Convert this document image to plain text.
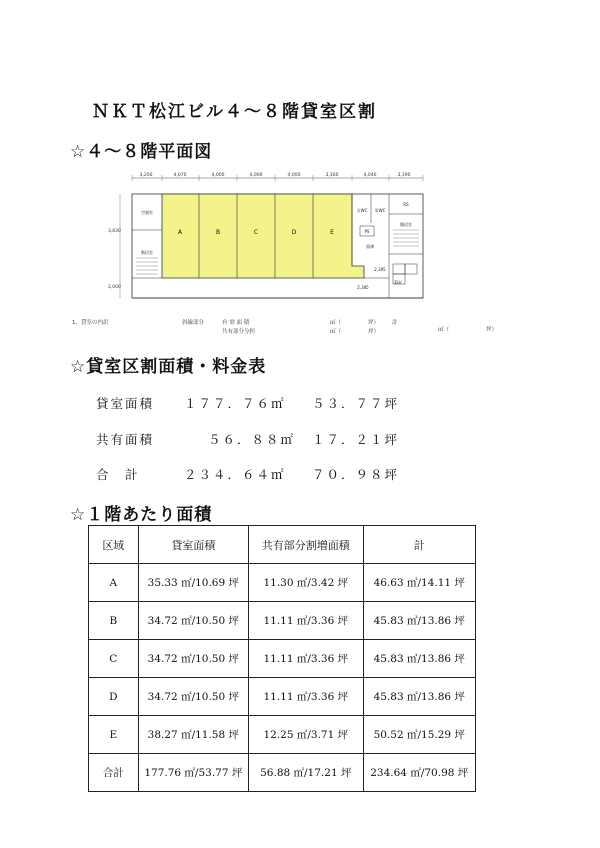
ＮＫＴ松江ビル４～８階貸室区割
☆４～８階平面図
3,200	4,070	4,000	4,000	4,000	3,160	4,040	3,190
3,830
2,000
A	B	C	D	E
空調室
階段室
女WC 男WC
PS
湯沸
RS
階段室
ELV
2,395
2,385
1．貸室の内訳	斜線部分	有 効 面 積
共有部分分担
㎡（	坪）
㎡（	坪）
計
㎡（	坪）
☆貸室区割面積・料金表
貸室面積 １７７．７６㎡ ５３．７７坪
共有面積	５６．８８㎡ １７．２１坪
合　計	２３４．６４㎡ ７０．９８坪
☆１階あたり面積
区域	貸室面積	共有部分割増面積	計
A	35.33 ㎡/10.69 坪	11.30 ㎡/3.42 坪	46.63 ㎡/14.11 坪
B	34.72 ㎡/10.50 坪	11.11 ㎡/3.36 坪	45.83 ㎡/13.86 坪
C	34.72 ㎡/10.50 坪	11.11 ㎡/3.36 坪	45.83 ㎡/13.86 坪
D	34.72 ㎡/10.50 坪	11.11 ㎡/3.36 坪	45.83 ㎡/13.86 坪
E	38.27 ㎡/11.58 坪	12.25 ㎡/3.71 坪	50.52 ㎡/15.29 坪
合計	177.76 ㎡/53.77 坪	56.88 ㎡/17.21 坪	234.64 ㎡/70.98 坪
